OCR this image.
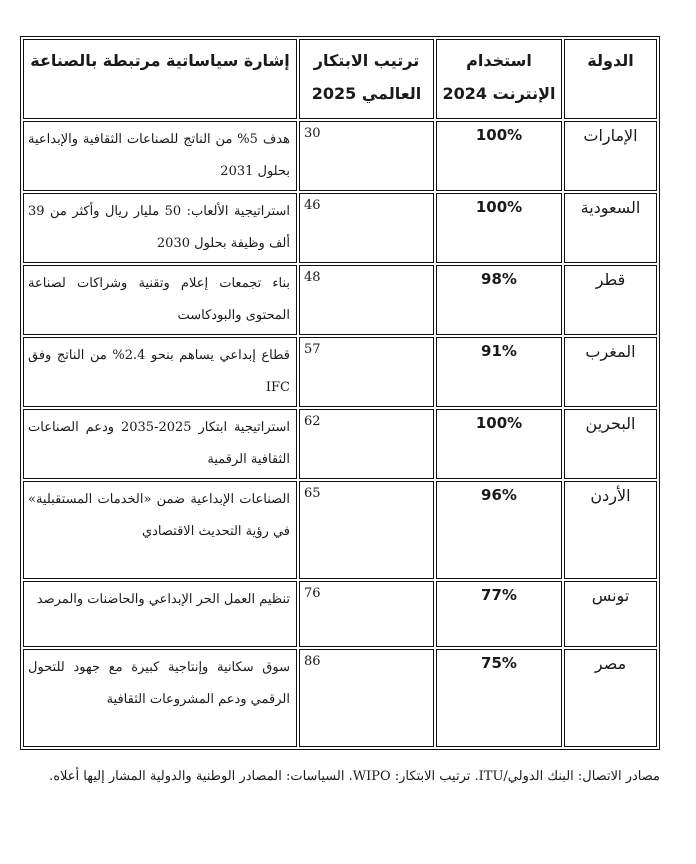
الدولة	استخدام الإنترنت 2024	ترتيب الابتكار العالمي 2025	إشارة سياساتية مرتبطة بالصناعة
الإمارات	100%	30	هدف 5% من الناتج للصناعات الثقافية والإبداعية بحلول 2031
السعودية	100%	46	استراتيجية الألعاب: 50 مليار ريال وأكثر من 39 ألف وظيفة بحلول 2030
قطر	98%	48	بناء تجمعات إعلام وتقنية وشراكات لصناعة المحتوى والبودكاست
المغرب	91%	57	قطاع إبداعي يساهم بنحو 2.4% من الناتج وفق IFC
البحرين	100%	62	استراتيجية ابتكار 2025-2035 ودعم الصناعات الثقافية الرقمية
الأردن	96%	65	الصناعات الإبداعية ضمن «الخدمات المستقبلية» في رؤية التحديث الاقتصادي
تونس	77%	76	تنظيم العمل الحر الإبداعي والحاضنات والمرصد
مصر	75%	86	سوق سكانية وإنتاجية كبيرة مع جهود للتحول الرقمي ودعم المشروعات الثقافية

مصادر الاتصال: البنك الدولي/ITU. ترتيب الابتكار: WIPO. السياسات: المصادر الوطنية والدولية المشار إليها أعلاه.
